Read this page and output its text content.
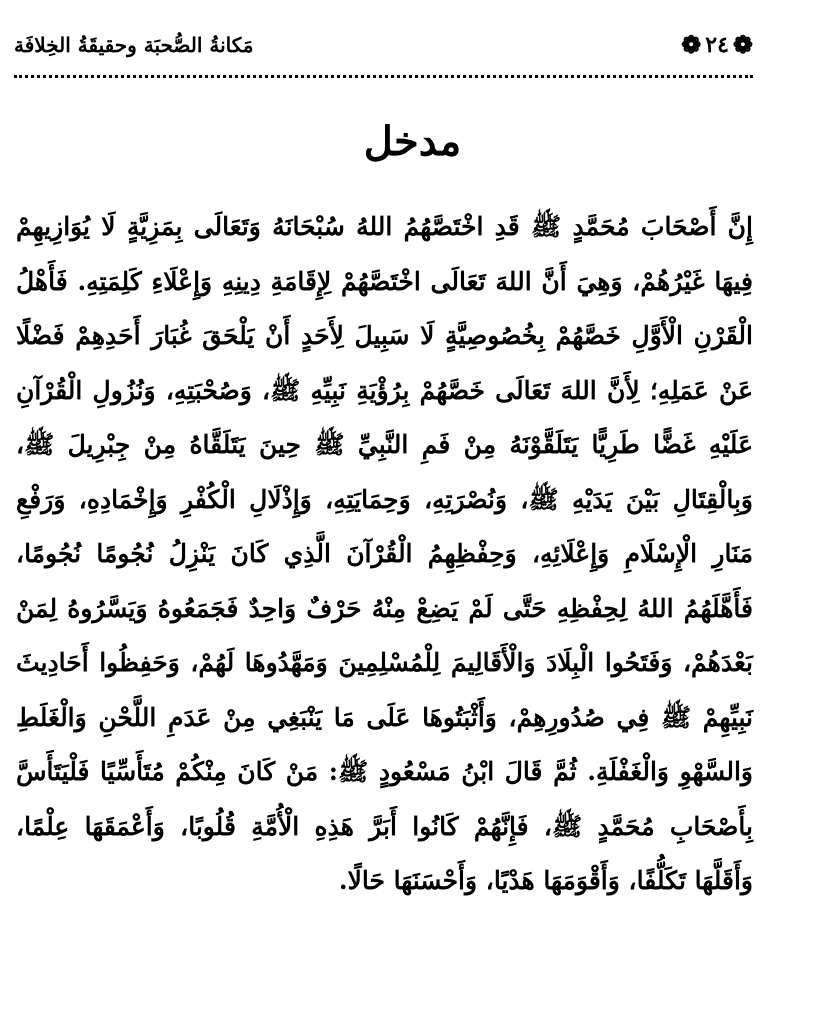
❁
٢٤
❁
مَكانةُ الصُّحبَة وحقيقَةُ الخِلافَة
مدخل

إِنَّ أَصْحَابَ مُحَمَّدٍ ﷺ قَدِ اخْتَصَّهُمُ اللهُ سُبْحَانَهُ وَتَعَالَى بِمَزِيَّةٍ لَا يُوَازِيهِمْ فِيهَا غَيْرُهُمْ، وَهِيَ أَنَّ اللهَ تَعَالَى اخْتَصَّهُمْ لِإِقَامَةِ دِينِهِ وَإِعْلَاءِ كَلِمَتِهِ. فَأَهْلُ الْقَرْنِ الْأَوَّلِ خَصَّهُمْ بِخُصُوصِيَّةٍ لَا سَبِيلَ لِأَحَدٍ أَنْ يَلْحَقَ غُبَارَ أَحَدِهِمْ فَضْلًا عَنْ عَمَلِهِ؛ لِأَنَّ اللهَ تَعَالَى خَصَّهُمْ بِرُؤْيَةِ نَبِيِّهِ ﷺ، وَصُحْبَتِهِ، وَنُزُولِ الْقُرْآنِ عَلَيْهِ غَضًّا طَرِيًّا يَتَلَقَّوْنَهُ مِنْ فَمِ النَّبِيِّ ﷺ حِينَ يَتَلَقَّاهُ مِنْ جِبْرِيلَ ﷺ، وَبِالْقِتَالِ بَيْنَ يَدَيْهِ ﷺ، وَنُصْرَتِهِ، وَحِمَايَتِهِ، وَإِذْلَالِ الْكُفْرِ وَإِخْمَادِهِ، وَرَفْعِ مَنَارِ الْإِسْلَامِ وَإِعْلَائِهِ، وَحِفْظِهِمُ الْقُرْآنَ الَّذِي كَانَ يَنْزِلُ نُجُومًا نُجُومًا، فَأَهَّلَهُمُ اللهُ لِحِفْظِهِ حَتَّى لَمْ يَضِعْ مِنْهُ حَرْفٌ وَاحِدٌ فَجَمَعُوهُ وَيَسَّرُوهُ لِمَنْ بَعْدَهُمْ، وَفَتَحُوا الْبِلَادَ وَالْأَقَالِيمَ لِلْمُسْلِمِينَ وَمَهَّدُوهَا لَهُمْ، وَحَفِظُوا أَحَادِيثَ نَبِيِّهِمْ ﷺ فِي صُدُورِهِمْ، وَأَثْبَتُوهَا عَلَى مَا يَنْبَغِي مِنْ عَدَمِ اللَّحْنِ وَالْغَلَطِ وَالسَّهْوِ وَالْغَفْلَةِ. ثُمَّ قَالَ ابْنُ مَسْعُودٍ ﷺ: مَنْ كَانَ مِنْكُمْ مُتَأَسِّيًا فَلْيَتَأَسَّ بِأَصْحَابِ مُحَمَّدٍ ﷺ، فَإِنَّهُمْ كَانُوا أَبَرَّ هَذِهِ الْأُمَّةِ قُلُوبًا، وَأَعْمَقَهَا عِلْمًا، وَأَقَلَّهَا تَكَلُّفًا، وَأَقْوَمَهَا هَدْيًا، وَأَحْسَنَهَا حَالًا.
